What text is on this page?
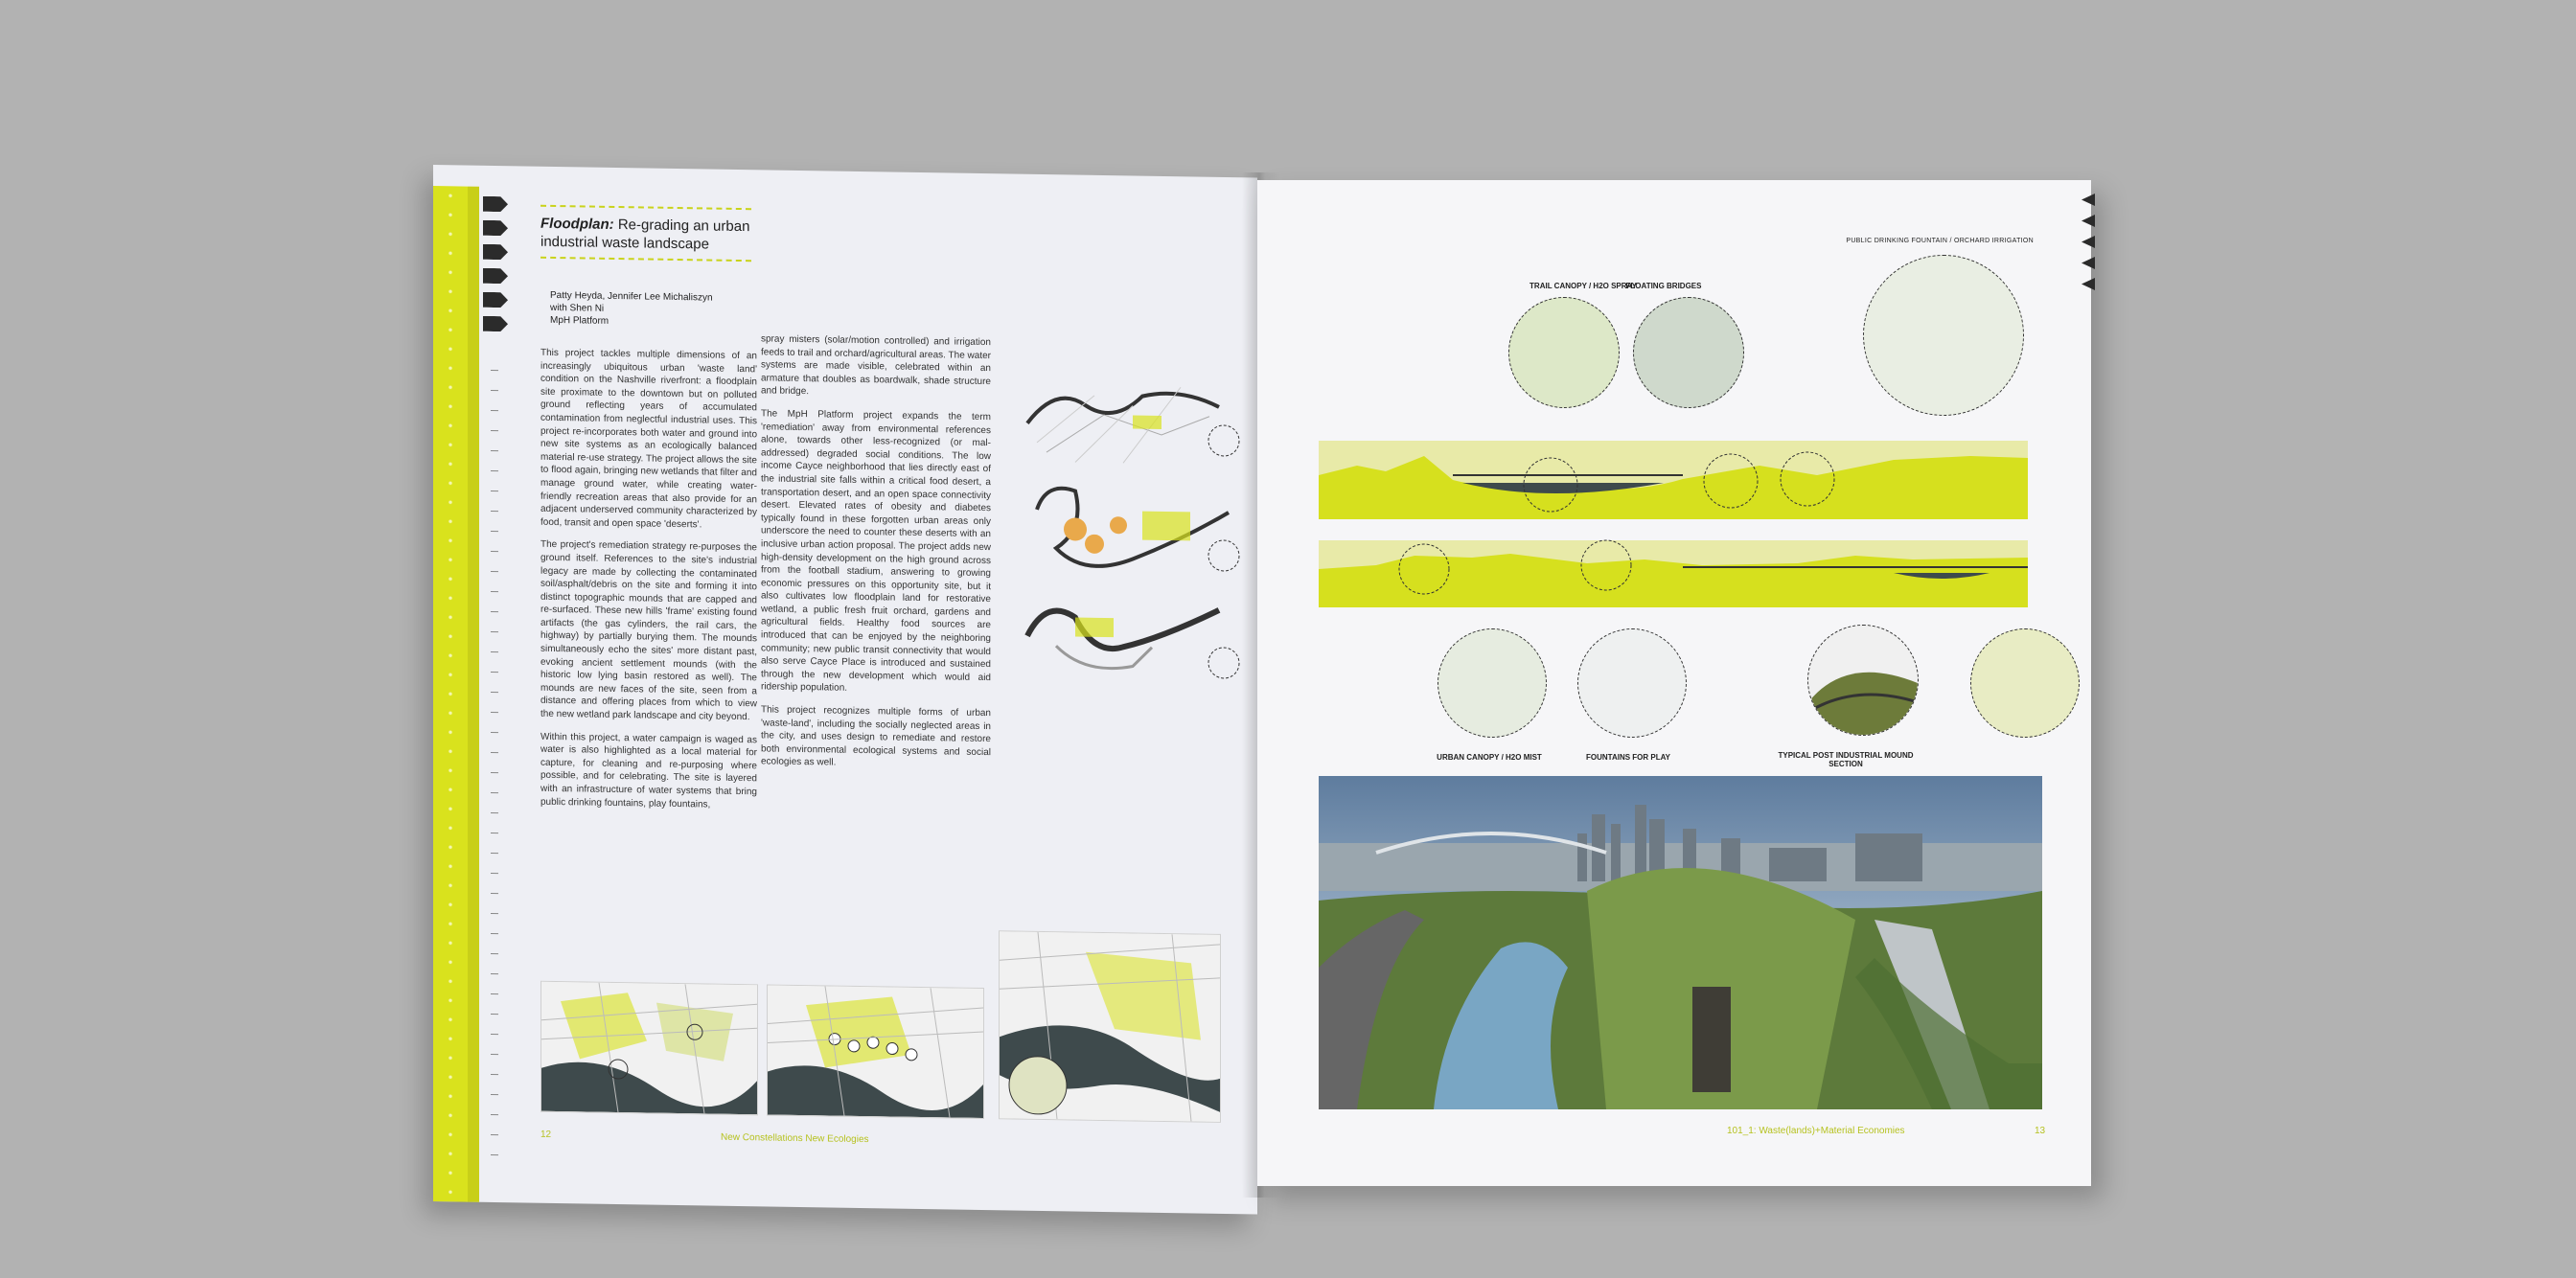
Floodplan: Re-grading an urban industrial waste landscape
Patty Heyda, Jennifer Lee Michaliszyn
with Shen Ni
MpH Platform

This project tackles multiple dimensions of an increasingly ubiquitous urban 'waste land' condition on the Nashville riverfront: a floodplain site proximate to the downtown but on polluted ground reflecting years of accumulated contamination from neglectful industrial uses. This project re-incorporates both water and ground into new site systems as an ecologically balanced material re-use strategy. The project allows the site to flood again, bringing new wetlands that filter and manage ground water, while creating water-friendly recreation areas that also provide for an adjacent underserved community characterized by food, transit and open space 'deserts'.

The project's remediation strategy re-purposes the ground itself. References to the site's industrial legacy are made by collecting the contaminated soil/asphalt/debris on the site and forming it into distinct topographic mounds that are capped and re-surfaced. These new hills 'frame' existing found artifacts (the gas cylinders, the rail cars, the highway) by partially burying them. The mounds simultaneously echo the sites' more distant past, evoking ancient settlement mounds (with the historic low lying basin restored as well). The mounds are new faces of the site, seen from a distance and offering places from which to view the new wetland park landscape and city beyond.

Within this project, a water campaign is waged as water is also highlighted as a local material for capture, for cleaning and re-purposing where possible, and for celebrating. The site is layered with an infrastructure of water systems that bring public drinking fountains, play fountains,

spray misters (solar/motion controlled) and irrigation feeds to trail and orchard/agricultural areas. The water systems are made visible, celebrated within an armature that doubles as boardwalk, shade structure and bridge.

The MpH Platform project expands the term 'remediation' away from environmental references alone, towards other less-recognized (or mal-addressed) degraded social conditions. The low income Cayce neighborhood that lies directly east of the industrial site falls within a critical food desert, a transportation desert, and an open space connectivity desert. Elevated rates of obesity and diabetes typically found in these forgotten urban areas only underscore the need to counter these deserts with an inclusive urban action proposal. The project adds new high-density development on the high ground across from the football stadium, answering to growing economic pressures on this opportunity site, but it also cultivates low floodplain land for restorative wetland, a public fresh fruit orchard, gardens and agricultural fields. Healthy food sources are introduced that can be enjoyed by the neighboring community; new public transit connectivity that would also serve Cayce Place is introduced and sustained through the new development which would aid ridership population.

This project recognizes multiple forms of urban 'waste-land', including the socially neglected areas in the city, and uses design to remediate and restore both environmental ecological systems and social ecologies as well.

12	New Constellations New Ecologies
PUBLIC DRINKING FOUNTAIN / ORCHARD IRRIGATION
TRAIL CANOPY / H2O SPRAY
FLOATING BRIDGES
URBAN CANOPY / H2O MIST	FOUNTAINS FOR PLAY	TYPICAL POST INDUSTRIAL MOUND SECTION
101_1: Waste(lands)+Material Economies	13
